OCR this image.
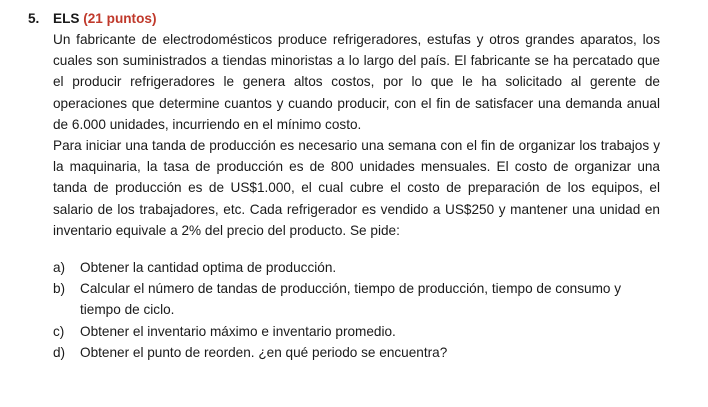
5. ELS (21 puntos)

Un fabricante de electrodomésticos produce refrigeradores, estufas y otros grandes aparatos, los cuales son suministrados a tiendas minoristas a lo largo del país. El fabricante se ha percatado que el producir refrigeradores le genera altos costos, por lo que le ha solicitado al gerente de operaciones que determine cuantos y cuando producir, con el fin de satisfacer una demanda anual de 6.000 unidades, incurriendo en el mínimo costo.

Para iniciar una tanda de producción es necesario una semana con el fin de organizar los trabajos y la maquinaria, la tasa de producción es de 800 unidades mensuales. El costo de organizar una tanda de producción es de US$1.000, el cual cubre el costo de preparación de los equipos, el salario de los trabajadores, etc. Cada refrigerador es vendido a US$250 y mantener una unidad en inventario equivale a 2% del precio del producto. Se pide:

a)	Obtener la cantidad optima de producción.
b)	Calcular el número de tandas de producción, tiempo de producción, tiempo de consumo y tiempo de ciclo.
c)	Obtener el inventario máximo e inventario promedio.
d)	Obtener el punto de reorden. ¿en qué periodo se encuentra?
